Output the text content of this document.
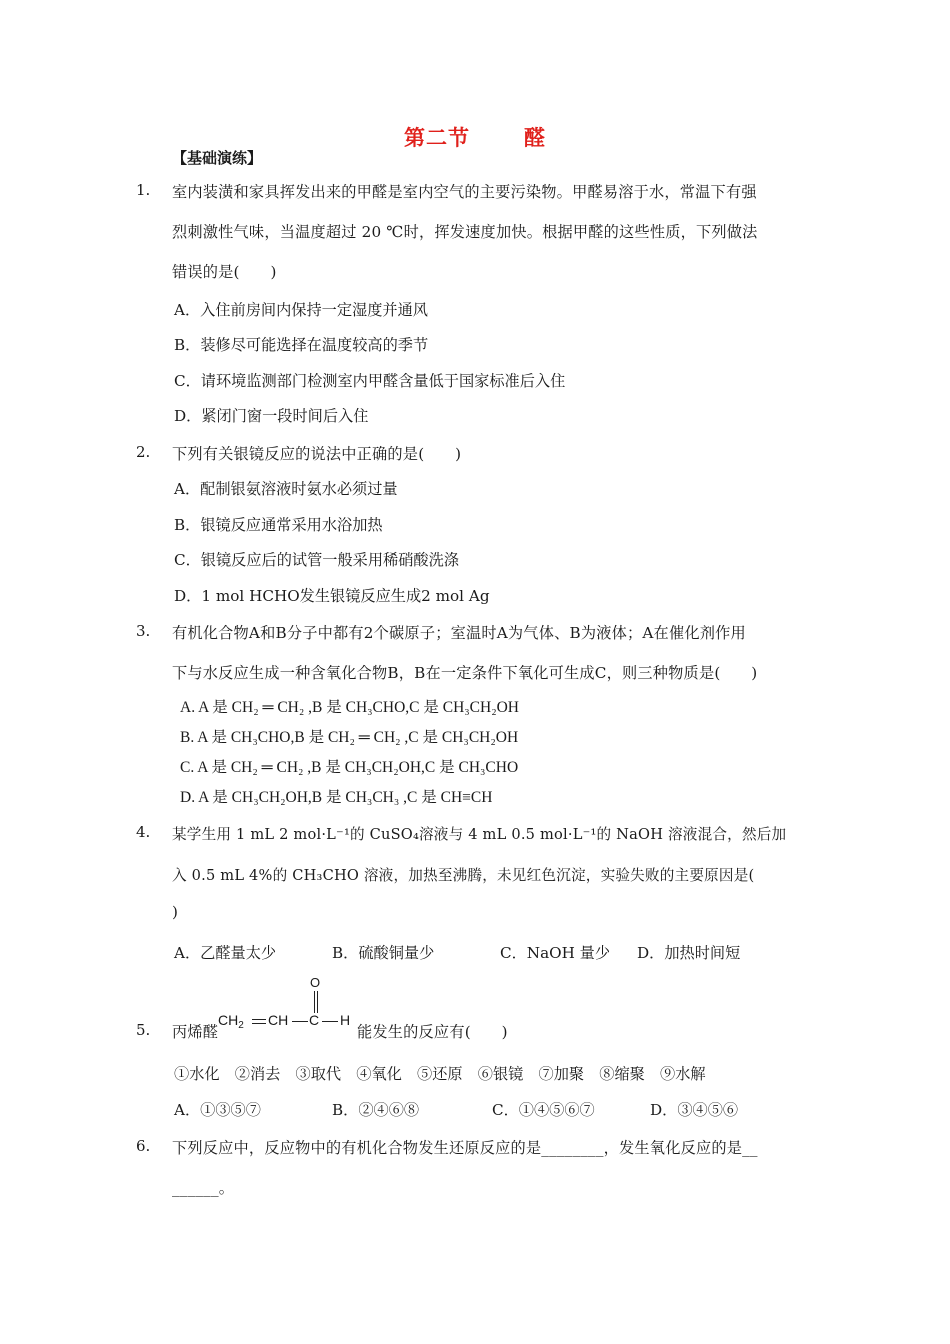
第二节	醛
【基础演练】
1. 室内装潢和家具挥发出来的甲醛是室内空气的主要污染物。甲醛易溶于水，常温下有强
烈刺激性气味，当温度超过 20 ℃时，挥发速度加快。根据甲醛的这些性质，下列做法
错误的是(　　)
A．入住前房间内保持一定湿度并通风
B．装修尽可能选择在温度较高的季节
C．请环境监测部门检测室内甲醛含量低于国家标准后入住
D．紧闭门窗一段时间后入住
2. 下列有关银镜反应的说法中正确的是(　　)
A．配制银氨溶液时氨水必须过量
B．银镜反应通常采用水浴加热
C．银镜反应后的试管一般采用稀硝酸洗涤
D．1 mol HCHO发生银镜反应生成2 mol Ag
3. 有机化合物A和B分子中都有2个碳原子；室温时A为气体、B为液体；A在催化剂作用
下与水反应生成一种含氧化合物B，B在一定条件下氧化可生成C，则三种物质是(　　)
A. A 是 CH₂ ═ CH₂ ,B 是 CH₃CHO,C 是 CH₃CH₂OH
B. A 是 CH₃CHO,B 是 CH₂ ═ CH₂ ,C 是 CH₃CH₂OH
C. A 是 CH₂ ═ CH₂ ,B 是 CH₃CH₂OH,C 是 CH₃CHO
D. A 是 CH₃CH₂OH,B 是 CH₃CH₃ ,C 是 CH≡CH
4. 某学生用 1 mL 2 mol·L⁻¹的 CuSO₄溶液与 4 mL 0.5 mol·L⁻¹的 NaOH 溶液混合，然后加
入 0.5 mL 4%的 CH₃CHO 溶液，加热至沸腾，未见红色沉淀，实验失败的主要原因是(
)
A．乙醛量太少	B．硫酸铜量少	C．NaOH 量少 D．加热时间短
5. 丙烯醛
O
$CH_2$ CH C H
能发生的反应有(　　)
①水化　②消去　③取代　④氧化　⑤还原　⑥银镜　⑦加聚　⑧缩聚　⑨水解
A．①③⑤⑦	B．②④⑥⑧	C．①④⑤⑥⑦	D．③④⑤⑥
6. 下列反应中，反应物中的有机化合物发生还原反应的是________，发生氧化反应的是__
______。
